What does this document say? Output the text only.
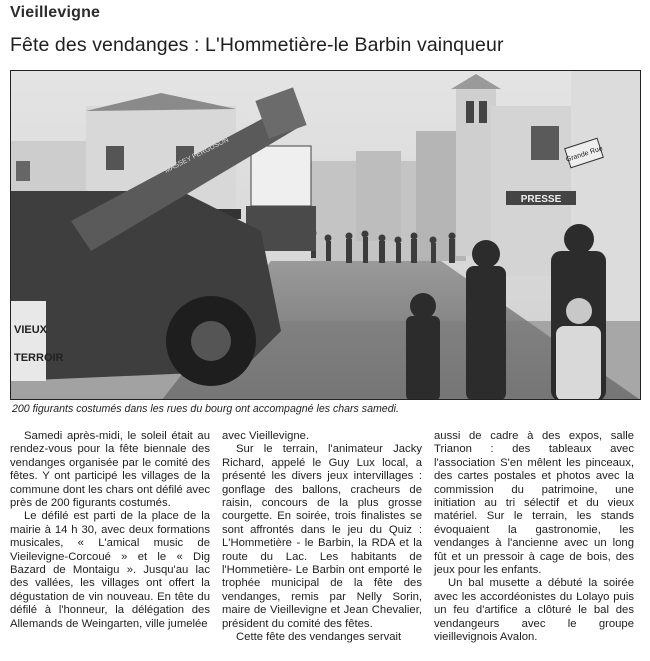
Vieillevigne
Fête des vendanges : L'Hommetière-le Barbin vainqueur
PRESSE
Grande Rue
MASSEY FERGUSON
VIEUX
TERROIR
200 figurants costumés dans les rues du bourg ont accompagné les chars samedi.

Samedi après-midi, le soleil était au rendez-vous pour la fête biennale des vendanges organisée par le comité des fêtes. Y ont participé les villages de la commune dont les chars ont défilé avec près de 200 figurants costumés.

Le défilé est parti de la place de la mairie à 14 h 30, avec deux formations musicales, « L'amical music de Vieilevigne-Corcoué » et le « Dig Bazard de Montaigu ». Jusqu'au lac des vallées, les villages ont offert la dégustation de vin nouveau. En tête du défilé à l'honneur, la délégation des Allemands de Weingarten, ville jumelée

avec Vieillevigne.

Sur le terrain, l'animateur Jacky Richard, appelé le Guy Lux local, a présenté les divers jeux intervillages : gonflage des ballons, cracheurs de raisin, concours de la plus grosse courgette. En soirée, trois finalistes se sont affrontés dans le jeu du Quiz : L'Hommetière - le Barbin, la RDA et la route du Lac. Les habitants de l'Hommetière- Le Barbin ont emporté le trophée municipal de la fête des vendanges, remis par Nelly Sorin, maire de Vieillevigne et Jean Chevalier, président du comité des fêtes.

Cette fête des vendanges servait

aussi de cadre à des expos, salle Trianon : des tableaux avec l'association S'en mêlent les pinceaux, des cartes postales et photos avec la commission du patrimoine, une initiation au tri sélectif et du vieux matériel. Sur le terrain, les stands évoquaient la gastronomie, les vendanges à l'ancienne avec un long fût et un pressoir à cage de bois, des jeux pour les enfants.

Un bal musette a débuté la soirée avec les accordéonistes du Lolayo puis un feu d'artifice a clôturé le bal des vendangeurs avec le groupe vieillevignois Avalon.
